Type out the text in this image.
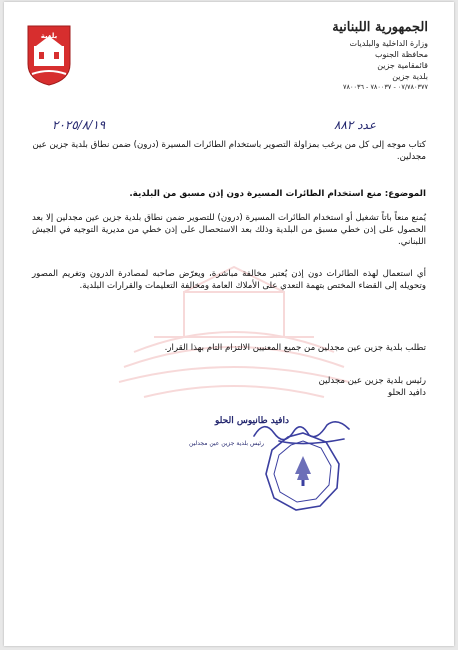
بلدية جزين
الجمهورية اللبنانية
وزارة الداخلية والبلديات
محافظة الجنوب
قائمقامية جزين
بلدية جزين
٠٧/٧٨٠٣٧٧ - ٧٨٠٠٣٧ - ٧٨٠٠٣٦
عدد ٨٨٢
٢٠٢٥/٨/١٩
كتاب موجه إلى كل من يرغب بمزاولة التصوير باستخدام الطائرات المسيرة (درون) ضمن نطاق بلدية جزين عين مجدلين.
الموضوع: منع استخدام الطائرات المسيرة دون إذن مسبق من البلدية.
يُمنع منعاً باتاً تشغيل أو استخدام الطائرات المسيرة (درون) للتصوير ضمن نطاق بلدية جزين عين مجدلين إلا بعد الحصول على إذن خطي مسبق من البلدية وذلك بعد الاستحصال على إذن خطي من مديرية التوجيه في الجيش اللبناني.
أي استعمال لهذه الطائرات دون إذن يُعتبر مخالفة مباشرة، ويعرّض صاحبه لمصادرة الدرون وتغريم المصور وتحويله إلى القضاء المختص بتهمة التعدي على الأملاك العامة ومخالفة التعليمات والقرارات البلدية.
تطلب بلدية جزين عين مجدلين من جميع المعنيين الالتزام التام بهذا القرار.
رئيس بلدية جزين عين مجدلين
دافيد الحلو
دافيد طانيوس الحلو
رئيس بلدية جزين عين مجدلين
